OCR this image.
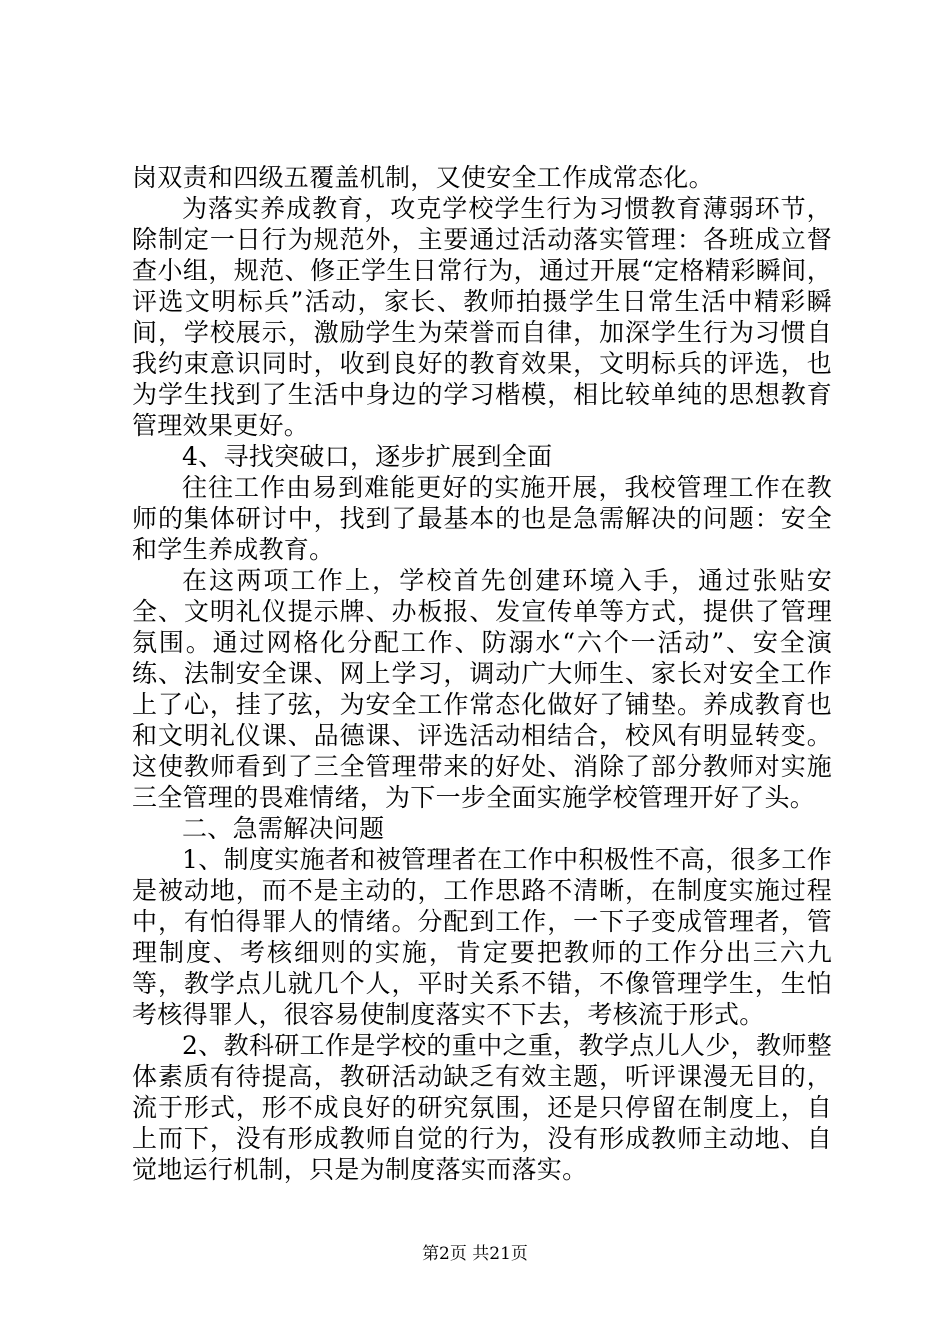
岗双责和四级五覆盖机制，又使安全工作成常态化。

为落实养成教育，攻克学校学生行为习惯教育薄弱环节，除制定一日行为规范外，主要通过活动落实管理：各班成立督查小组，规范、修正学生日常行为，通过开展“定格精彩瞬间，评选文明标兵”活动，家长、教师拍摄学生日常生活中精彩瞬间，学校展示，激励学生为荣誉而自律，加深学生行为习惯自我约束意识同时，收到良好的教育效果，文明标兵的评选，也为学生找到了生活中身边的学习楷模，相比较单纯的思想教育管理效果更好。

4、寻找突破口，逐步扩展到全面

往往工作由易到难能更好的实施开展，我校管理工作在教师的集体研讨中，找到了最基本的也是急需解决的问题：安全和学生养成教育。

在这两项工作上，学校首先创建环境入手，通过张贴安全、文明礼仪提示牌、办板报、发宣传单等方式，提供了管理氛围。通过网格化分配工作、防溺水“六个一活动”、安全演练、法制安全课、网上学习，调动广大师生、家长对安全工作上了心，挂了弦，为安全工作常态化做好了铺垫。养成教育也和文明礼仪课、品德课、评选活动相结合，校风有明显转变。这使教师看到了三全管理带来的好处、消除了部分教师对实施三全管理的畏难情绪，为下一步全面实施学校管理开好了头。

二、急需解决问题

1、制度实施者和被管理者在工作中积极性不高，很多工作是被动地，而不是主动的，工作思路不清晰，在制度实施过程中，有怕得罪人的情绪。分配到工作，一下子变成管理者，管理制度、考核细则的实施，肯定要把教师的工作分出三六九等，教学点儿就几个人，平时关系不错，不像管理学生，生怕考核得罪人，很容易使制度落实不下去，考核流于形式。

2、教科研工作是学校的重中之重，教学点儿人少，教师整体素质有待提高，教研活动缺乏有效主题，听评课漫无目的，流于形式，形不成良好的研究氛围，还是只停留在制度上，自上而下，没有形成教师自觉的行为，没有形成教师主动地、自觉地运行机制，只是为制度落实而落实。

第2页 共21页
